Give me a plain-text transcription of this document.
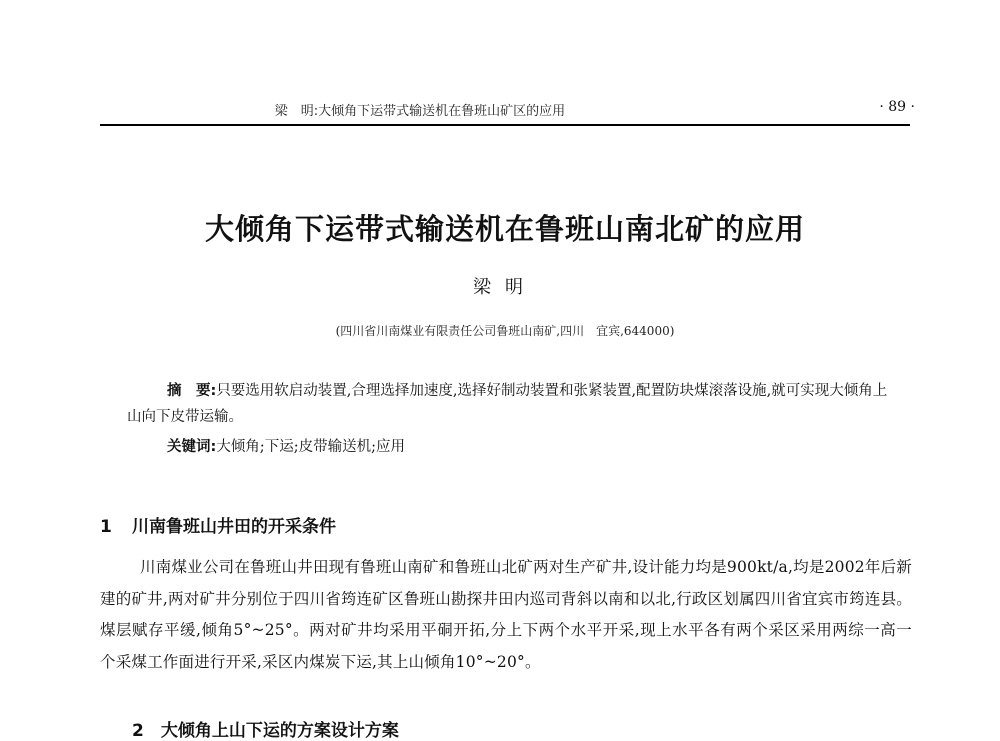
梁　明:大倾角下运带式输送机在鲁班山矿区的应用	· 89 ·
大倾角下运带式输送机在鲁班山南北矿的应用
梁明
(四川省川南煤业有限责任公司鲁班山南矿,四川　宜宾,644000)
摘　要:只要选用软启动装置,合理选择加速度,选择好制动装置和张紧装置,配置防块煤滚落设施,就可实现大倾角上山向下皮带运输。
关键词:大倾角;下运;皮带输送机;应用
1 川南鲁班山井田的开采条件
川南煤业公司在鲁班山井田现有鲁班山南矿和鲁班山北矿两对生产矿井,设计能力均是900kt/a,均是2002年后新建的矿井,两对矿井分别位于四川省筠连矿区鲁班山勘探井田内巡司背斜以南和以北,行政区划属四川省宜宾市筠连县。煤层赋存平缓,倾角5°~25°。两对矿井均采用平硐开拓,分上下两个水平开采,现上水平各有两个采区采用两综一高一个采煤工作面进行开采,采区内煤炭下运,其上山倾角10°~20°。
2　大倾角上山下运的方案设计方案
